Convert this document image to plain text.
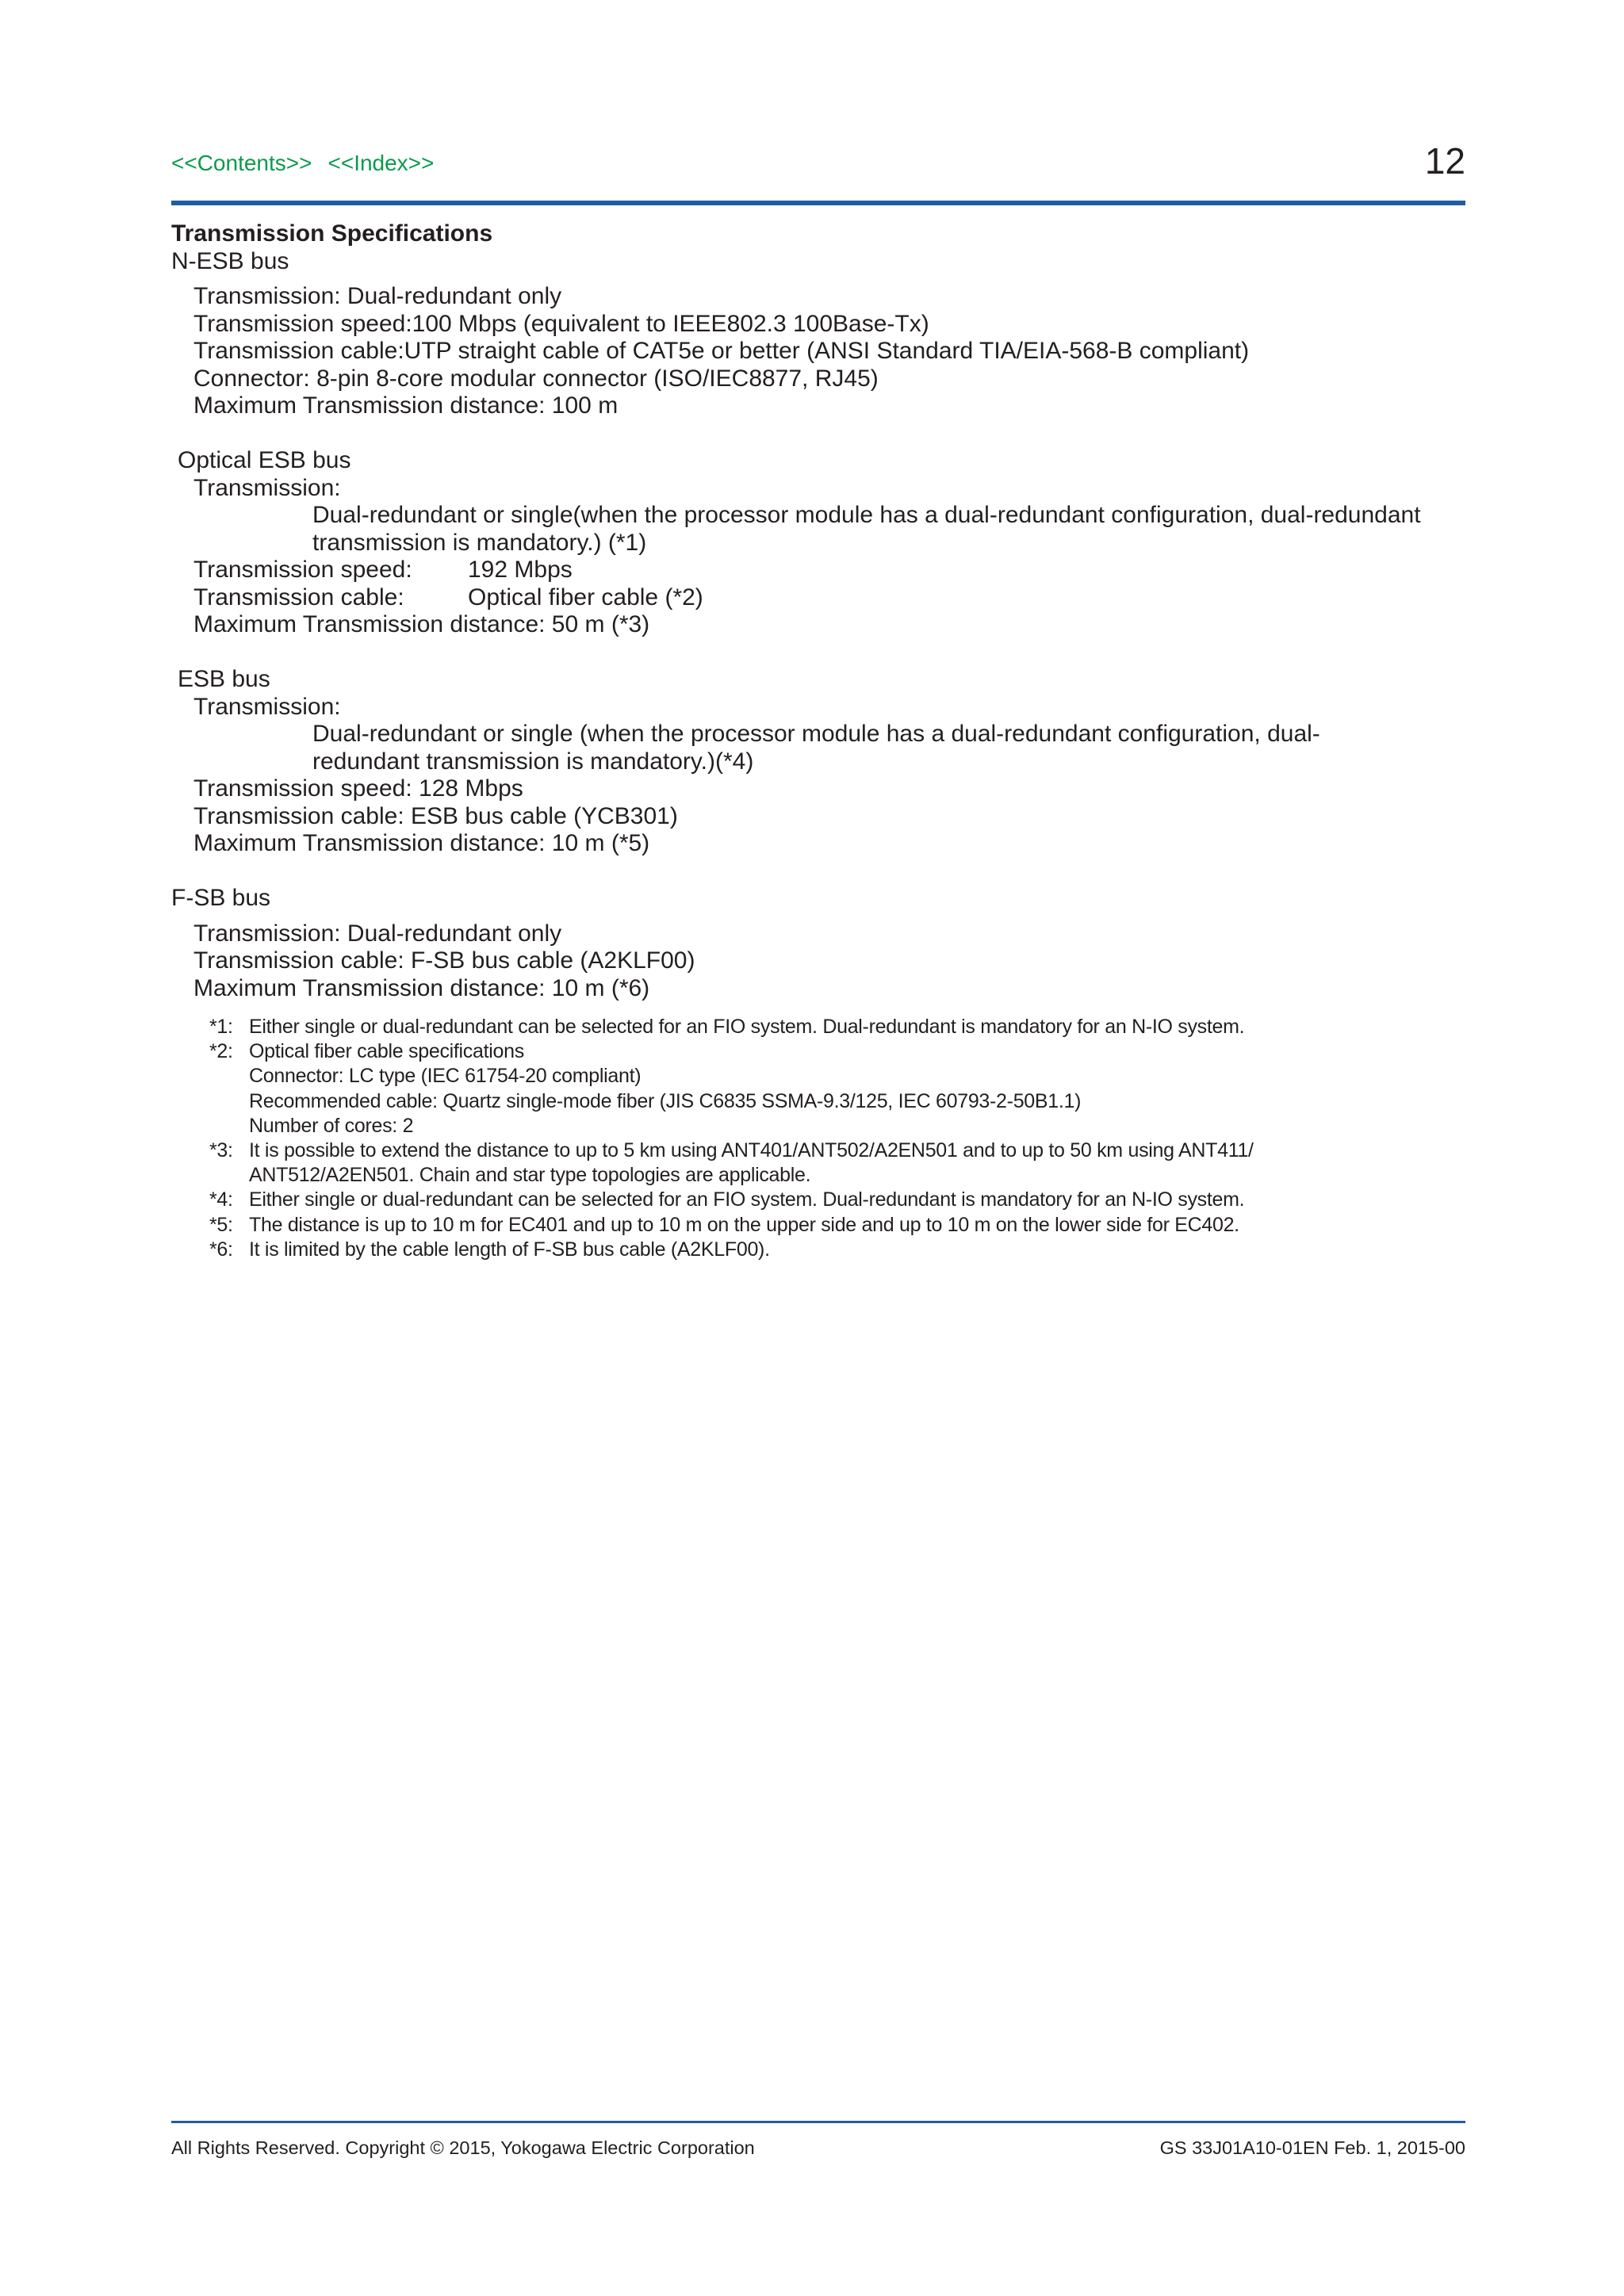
<<Contents>> <<Index>>	12
Transmission Specifications
N-ESB bus
Transmission: Dual-redundant only
Transmission speed:100 Mbps (equivalent to IEEE802.3 100Base-Tx)
Transmission cable:UTP straight cable of CAT5e or better (ANSI Standard TIA/EIA-568-B compliant)
Connector: 8-pin 8-core modular connector (ISO/IEC8877, RJ45)
Maximum Transmission distance: 100 m
Optical ESB bus
Transmission:
Dual-redundant or single(when the processor module has a dual-redundant configuration, dual-redundant transmission is mandatory.) (*1)
Transmission speed: 192 Mbps
Transmission cable:	Optical fiber cable (*2)
Maximum Transmission distance: 50 m (*3)
ESB bus
Transmission:
Dual-redundant or single (when the processor module has a dual-redundant configuration, dual-
redundant transmission is mandatory.)(*4)
Transmission speed: 128 Mbps
Transmission cable: ESB bus cable (YCB301)
Maximum Transmission distance: 10 m (*5)
F-SB bus
Transmission: Dual-redundant only
Transmission cable: F-SB bus cable (A2KLF00)
Maximum Transmission distance: 10 m (*6)
*1: Either single or dual-redundant can be selected for an FIO system. Dual-redundant is mandatory for an N-IO system.
*2: Optical fiber cable specifications
Connector: LC type (IEC 61754-20 compliant)
Recommended cable: Quartz single-mode fiber (JIS C6835 SSMA-9.3/125, IEC 60793-2-50B1.1)
Number of cores: 2
*3: It is possible to extend the distance to up to 5 km using ANT401/ANT502/A2EN501 and to up to 50 km using ANT411/
ANT512/A2EN501. Chain and star type topologies are applicable.
*4: Either single or dual-redundant can be selected for an FIO system. Dual-redundant is mandatory for an N-IO system.
*5: The distance is up to 10 m for EC401 and up to 10 m on the upper side and up to 10 m on the lower side for EC402.
*6: It is limited by the cable length of F-SB bus cable (A2KLF00).
All Rights Reserved. Copyright © 2015, Yokogawa Electric Corporation	GS 33J01A10-01EN Feb. 1, 2015-00
